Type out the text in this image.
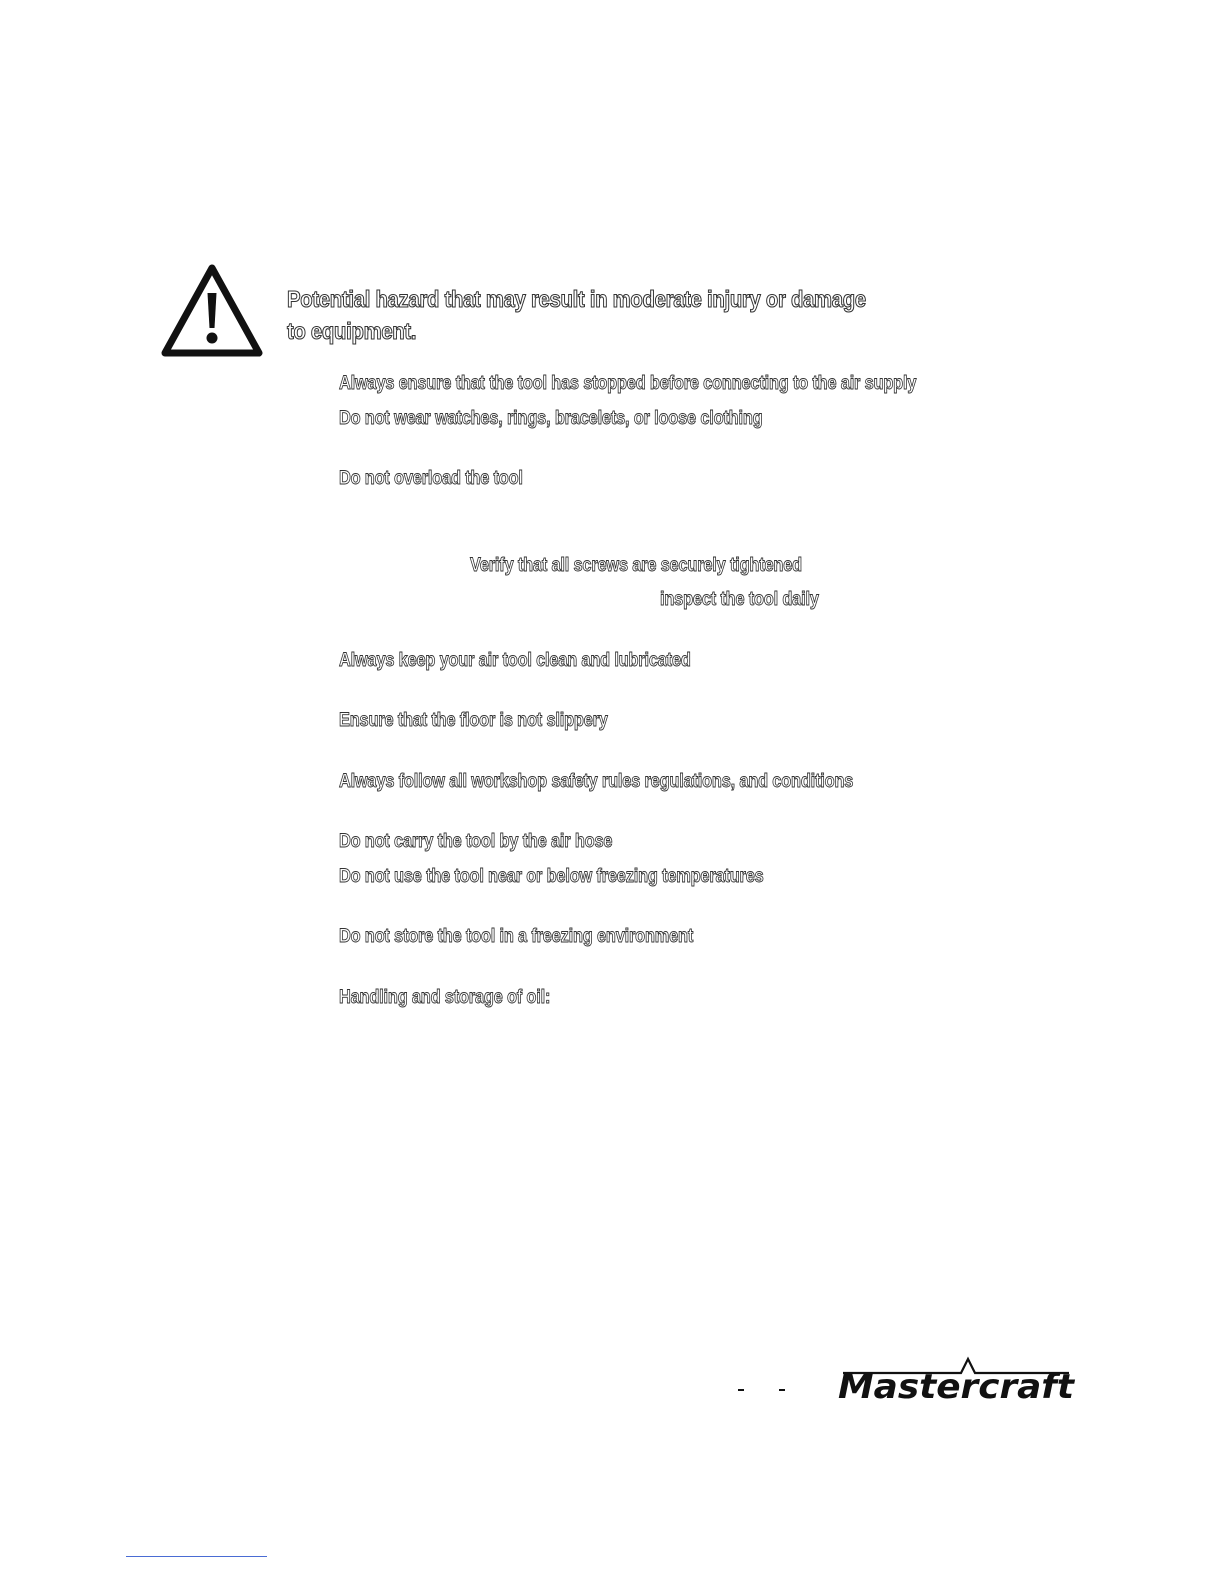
Potential hazard that may result in moderate injury or damage to equipment.
Always ensure that the tool has stopped before connecting to the air supply
Do not wear watches, rings, bracelets, or loose clothing
Do not overload the tool
Verify that all screws are securely tightened
inspect the tool daily
Always keep your air tool clean and lubricated
Ensure that the floor is not slippery
Always follow all workshop safety rules regulations, and conditions
Do not carry the tool by the air hose
Do not use the tool near or below freezing temperatures
Do not store the tool in a freezing environment
Handling and storage of oil:
Mastercraft
